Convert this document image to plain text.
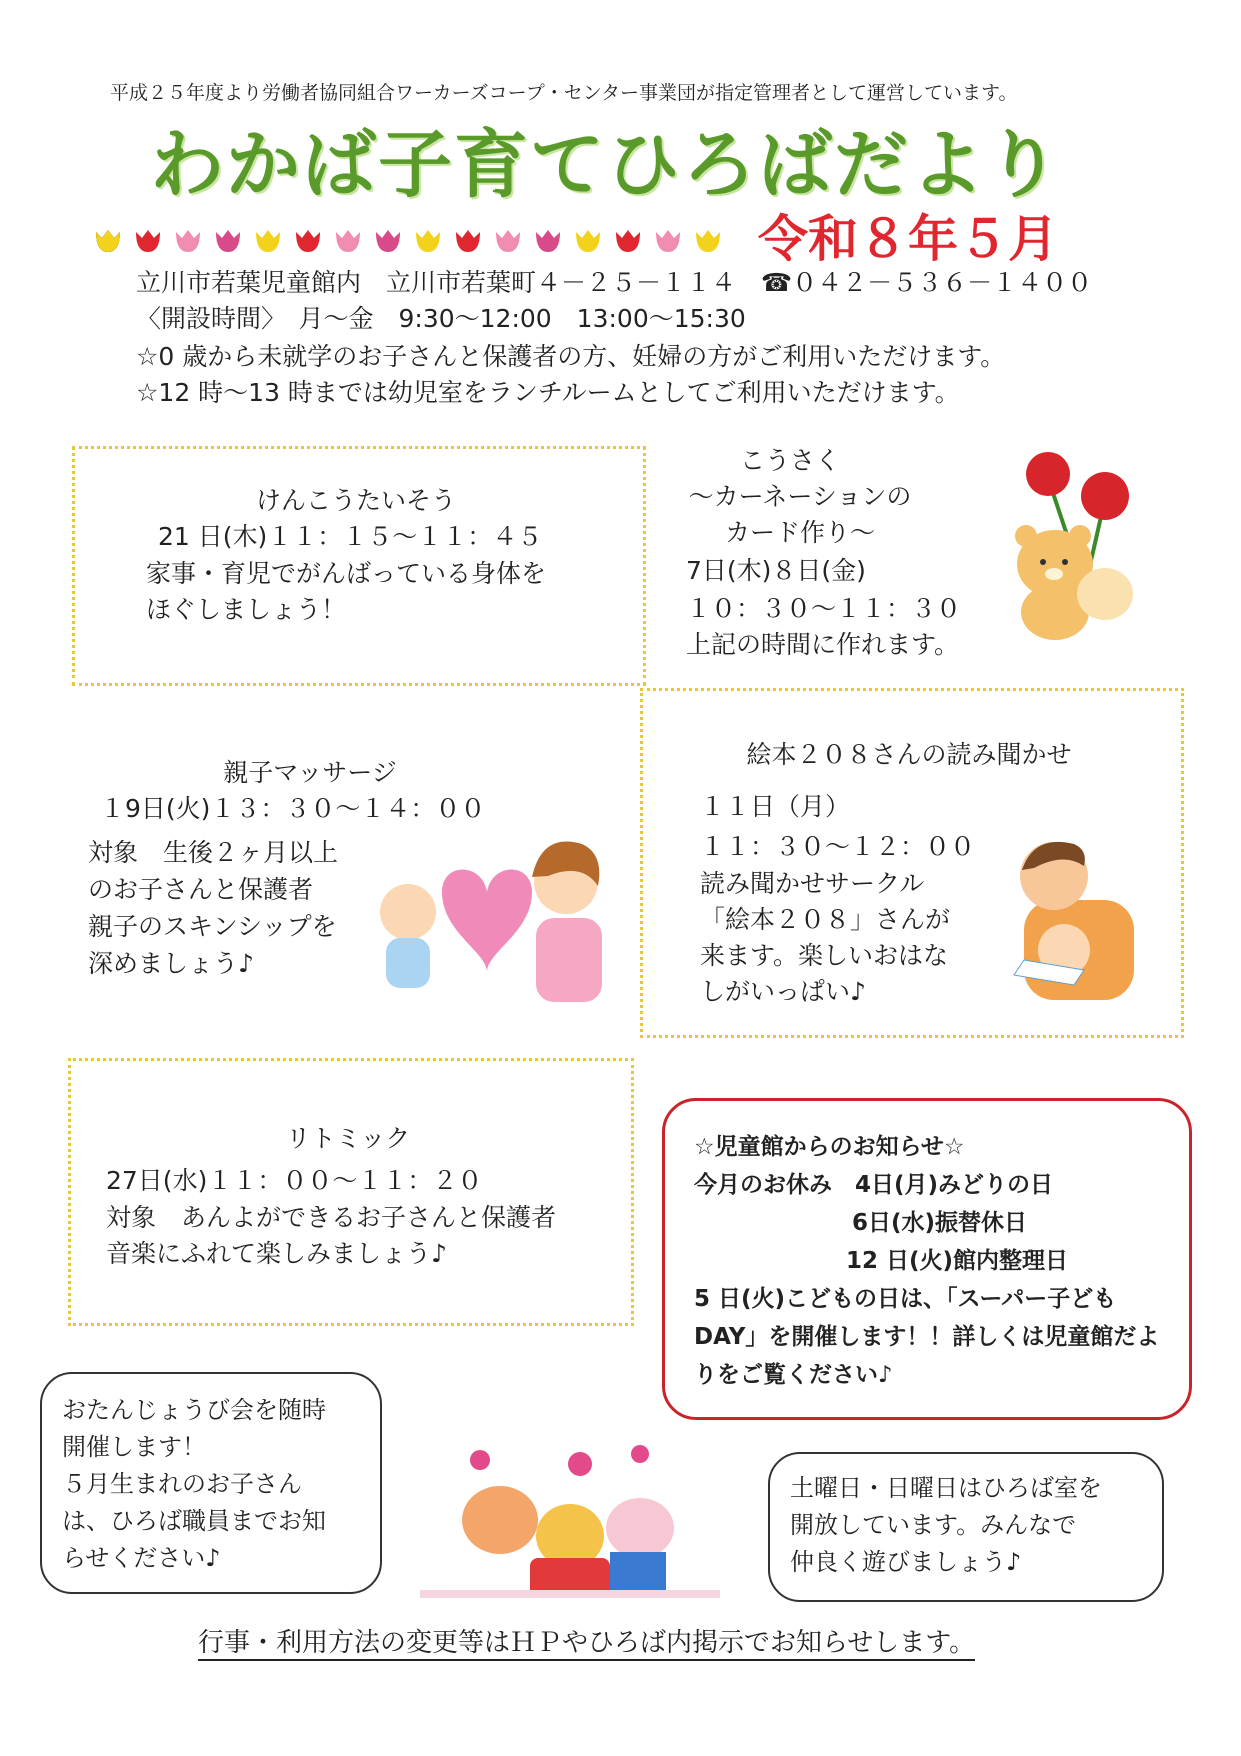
平成２５年度より労働者協同組合ワーカーズコープ・センター事業団が指定管理者として運営しています。
わかば子育てひろばだより
令和８年５月
立川市若葉児童館内　立川市若葉町４－２５－１１４　☎０４２－５３６－１４００
〈開設時間〉　月～金　9:30～12:00　13:00～15:30
☆0 歳から未就学のお子さんと保護者の方、妊婦の方がご利用いただけます。
☆12 時～13 時までは幼児室をランチルームとしてご利用いただけます。
けんこうたいそう
21 日(木)１１：１５～１１：４５
家事・育児でがんばっている身体を
ほぐしましょう！
こうさく
～カーネーションの
カード作り～
7日(木)８日(金)
１０：３０～１１：３０
上記の時間に作れます。
絵本２０８さんの読み聞かせ
１１日（月）
１１：３０～１２：００
読み聞かせサークル
「絵本２０８」さんが
来ます。楽しいおはな
しがいっぱい♪
親子マッサージ
１9日(火)１３：３０～１４：００
対象　生後２ヶ月以上
のお子さんと保護者
親子のスキンシップを
深めましょう♪
リトミック
27日(水)１１：００～１１：２０
対象　あんよができるお子さんと保護者
音楽にふれて楽しみましょう♪
☆児童館からのお知らせ☆
今月のお休み　4日(月)みどりの日
6日(水)振替休日
12 日(火)館内整理日
5 日(火)こどもの日は、「スーパー子ども
DAY」を開催します！！詳しくは児童館だよ
りをご覧ください♪
おたんじょうび会を随時
開催します！
５月生まれのお子さん
は、ひろば職員までお知
らせください♪
土曜日・日曜日はひろば室を
開放しています。みんなで
仲良く遊びましょう♪
行事・利用方法の変更等はＨＰやひろば内掲示でお知らせします。
